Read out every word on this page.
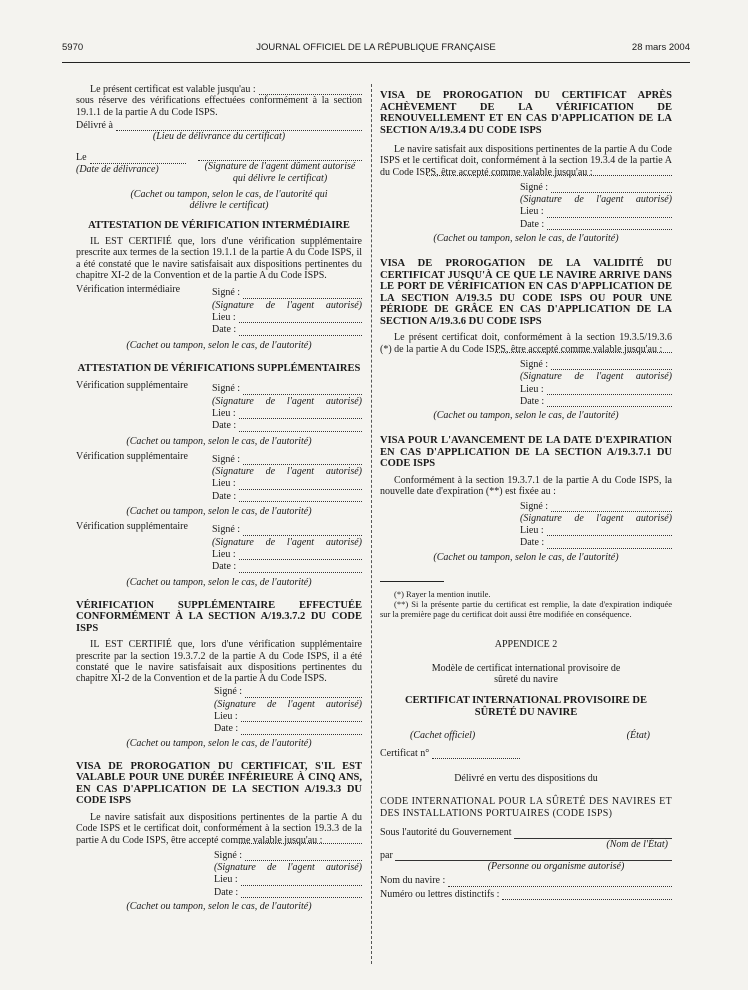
5970	JOURNAL OFFICIEL DE LA RÉPUBLIQUE FRANÇAISE	28 mars 2004
Le présent certificat est valable jusqu'au :

sous réserve des vérifications effectuées conformément à la section 19.1.1 de la partie A du Code ISPS.

Délivré à
(Lieu de délivrance du certificat)
Le
(Date de délivrance)	(Signature de l'agent dûment autorisé qui délivre le certificat)
(Cachet ou tampon, selon le cas, de l'autorité qui délivre le certificat)
ATTESTATION DE VÉRIFICATION INTERMÉDIAIRE

IL EST CERTIFIÉ que, lors d'une vérification supplémentaire prescrite aux termes de la section 19.1.1 de la partie A du Code ISPS, il a été constaté que le navire satisfaisait aux dispositions pertinentes du chapitre XI-2 de la Convention et de la partie A du Code ISPS.

Vérification intermédiaire	Signé :
(Signature de l'agent autorisé)
Lieu :
Date :
(Cachet ou tampon, selon le cas, de l'autorité)
ATTESTATION DE VÉRIFICATIONS SUPPLÉMENTAIRES
Vérification supplémentaire	Signé :
(Signature de l'agent autorisé)
Lieu :
Date :
(Cachet ou tampon, selon le cas, de l'autorité)
Vérification supplémentaire	Signé :
(Signature de l'agent autorisé)
Lieu :
Date :
(Cachet ou tampon, selon le cas, de l'autorité)
Vérification supplémentaire	Signé :
(Signature de l'agent autorisé)
Lieu :
Date :
(Cachet ou tampon, selon le cas, de l'autorité)
VÉRIFICATION SUPPLÉMENTAIRE EFFECTUÉE CONFORMÉMENT À LA SECTION A/19.3.7.2 DU CODE ISPS

IL EST CERTIFIÉ que, lors d'une vérification supplémentaire prescrite par la section 19.3.7.2 de la partie A du Code ISPS, il a été constaté que le navire satisfaisait aux dispositions pertinentes du chapitre XI-2 de la Convention et de la partie A du Code ISPS.

Signé :
(Signature de l'agent autorisé)
Lieu :
Date :
(Cachet ou tampon, selon le cas, de l'autorité)
VISA DE PROROGATION DU CERTIFICAT, S'IL EST VALABLE POUR UNE DURÉE INFÉRIEURE À CINQ ANS, EN CAS D'APPLICATION DE LA SECTION A/19.3.3 DU CODE ISPS

Le navire satisfait aux dispositions pertinentes de la partie A du Code ISPS et le certificat doit, conformément à la section 19.3.3 de la partie A du Code ISPS, être accepté comme valable jusqu'au :

Signé :
(Signature de l'agent autorisé)
Lieu :
Date :
(Cachet ou tampon, selon le cas, de l'autorité)
VISA DE PROROGATION DU CERTIFICAT APRÈS ACHÈVEMENT DE LA VÉRIFICATION DE RENOUVELLEMENT ET EN CAS D'APPLICATION DE LA SECTION A/19.3.4 DU CODE ISPS

Le navire satisfait aux dispositions pertinentes de la partie A du Code ISPS et le certificat doit, conformément à la section 19.3.4 de la partie A du Code ISPS, être accepté comme valable jusqu'au :

Signé :
(Signature de l'agent autorisé)
Lieu :
Date :
(Cachet ou tampon, selon le cas, de l'autorité)
VISA DE PROROGATION DE LA VALIDITÉ DU CERTIFICAT JUSQU'À CE QUE LE NAVIRE ARRIVE DANS LE PORT DE VÉRIFICATION EN CAS D'APPLICATION DE LA SECTION A/19.3.5 DU CODE ISPS OU POUR UNE PÉRIODE DE GRÂCE EN CAS D'APPLICATION DE LA SECTION A/19.3.6 DU CODE ISPS

Le présent certificat doit, conformément à la section 19.3.5/19.3.6 (*) de la partie A du Code ISPS, être accepté comme valable jusqu'au :

Signé :
(Signature de l'agent autorisé)
Lieu :
Date :
(Cachet ou tampon, selon le cas, de l'autorité)
VISA POUR L'AVANCEMENT DE LA DATE D'EXPIRATION EN CAS D'APPLICATION DE LA SECTION A/19.3.7.1 DU CODE ISPS

Conformément à la section 19.3.7.1 de la partie A du Code ISPS, la nouvelle date d'expiration (**) est fixée au :

Signé :
(Signature de l'agent autorisé)
Lieu :
Date :
(Cachet ou tampon, selon le cas, de l'autorité)

(*) Rayer la mention inutile.

(**) Si la présente partie du certificat est remplie, la date d'expiration indiquée sur la première page du certificat doit aussi être modifiée en conséquence.

APPENDICE 2
Modèle de certificat international provisoire de sûreté du navire
CERTIFICAT INTERNATIONAL PROVISOIRE DE SÛRETÉ DU NAVIRE
(Cachet officiel)	(État)
Certificat n°
Délivré en vertu des dispositions du

CODE INTERNATIONAL POUR LA SÛRETÉ DES NAVIRES ET DES INSTALLATIONS PORTUAIRES (CODE ISPS)

Sous l'autorité du Gouvernement
(Nom de l'État)
par
(Personne ou organisme autorisé)
Nom du navire :
Numéro ou lettres distinctifs :
